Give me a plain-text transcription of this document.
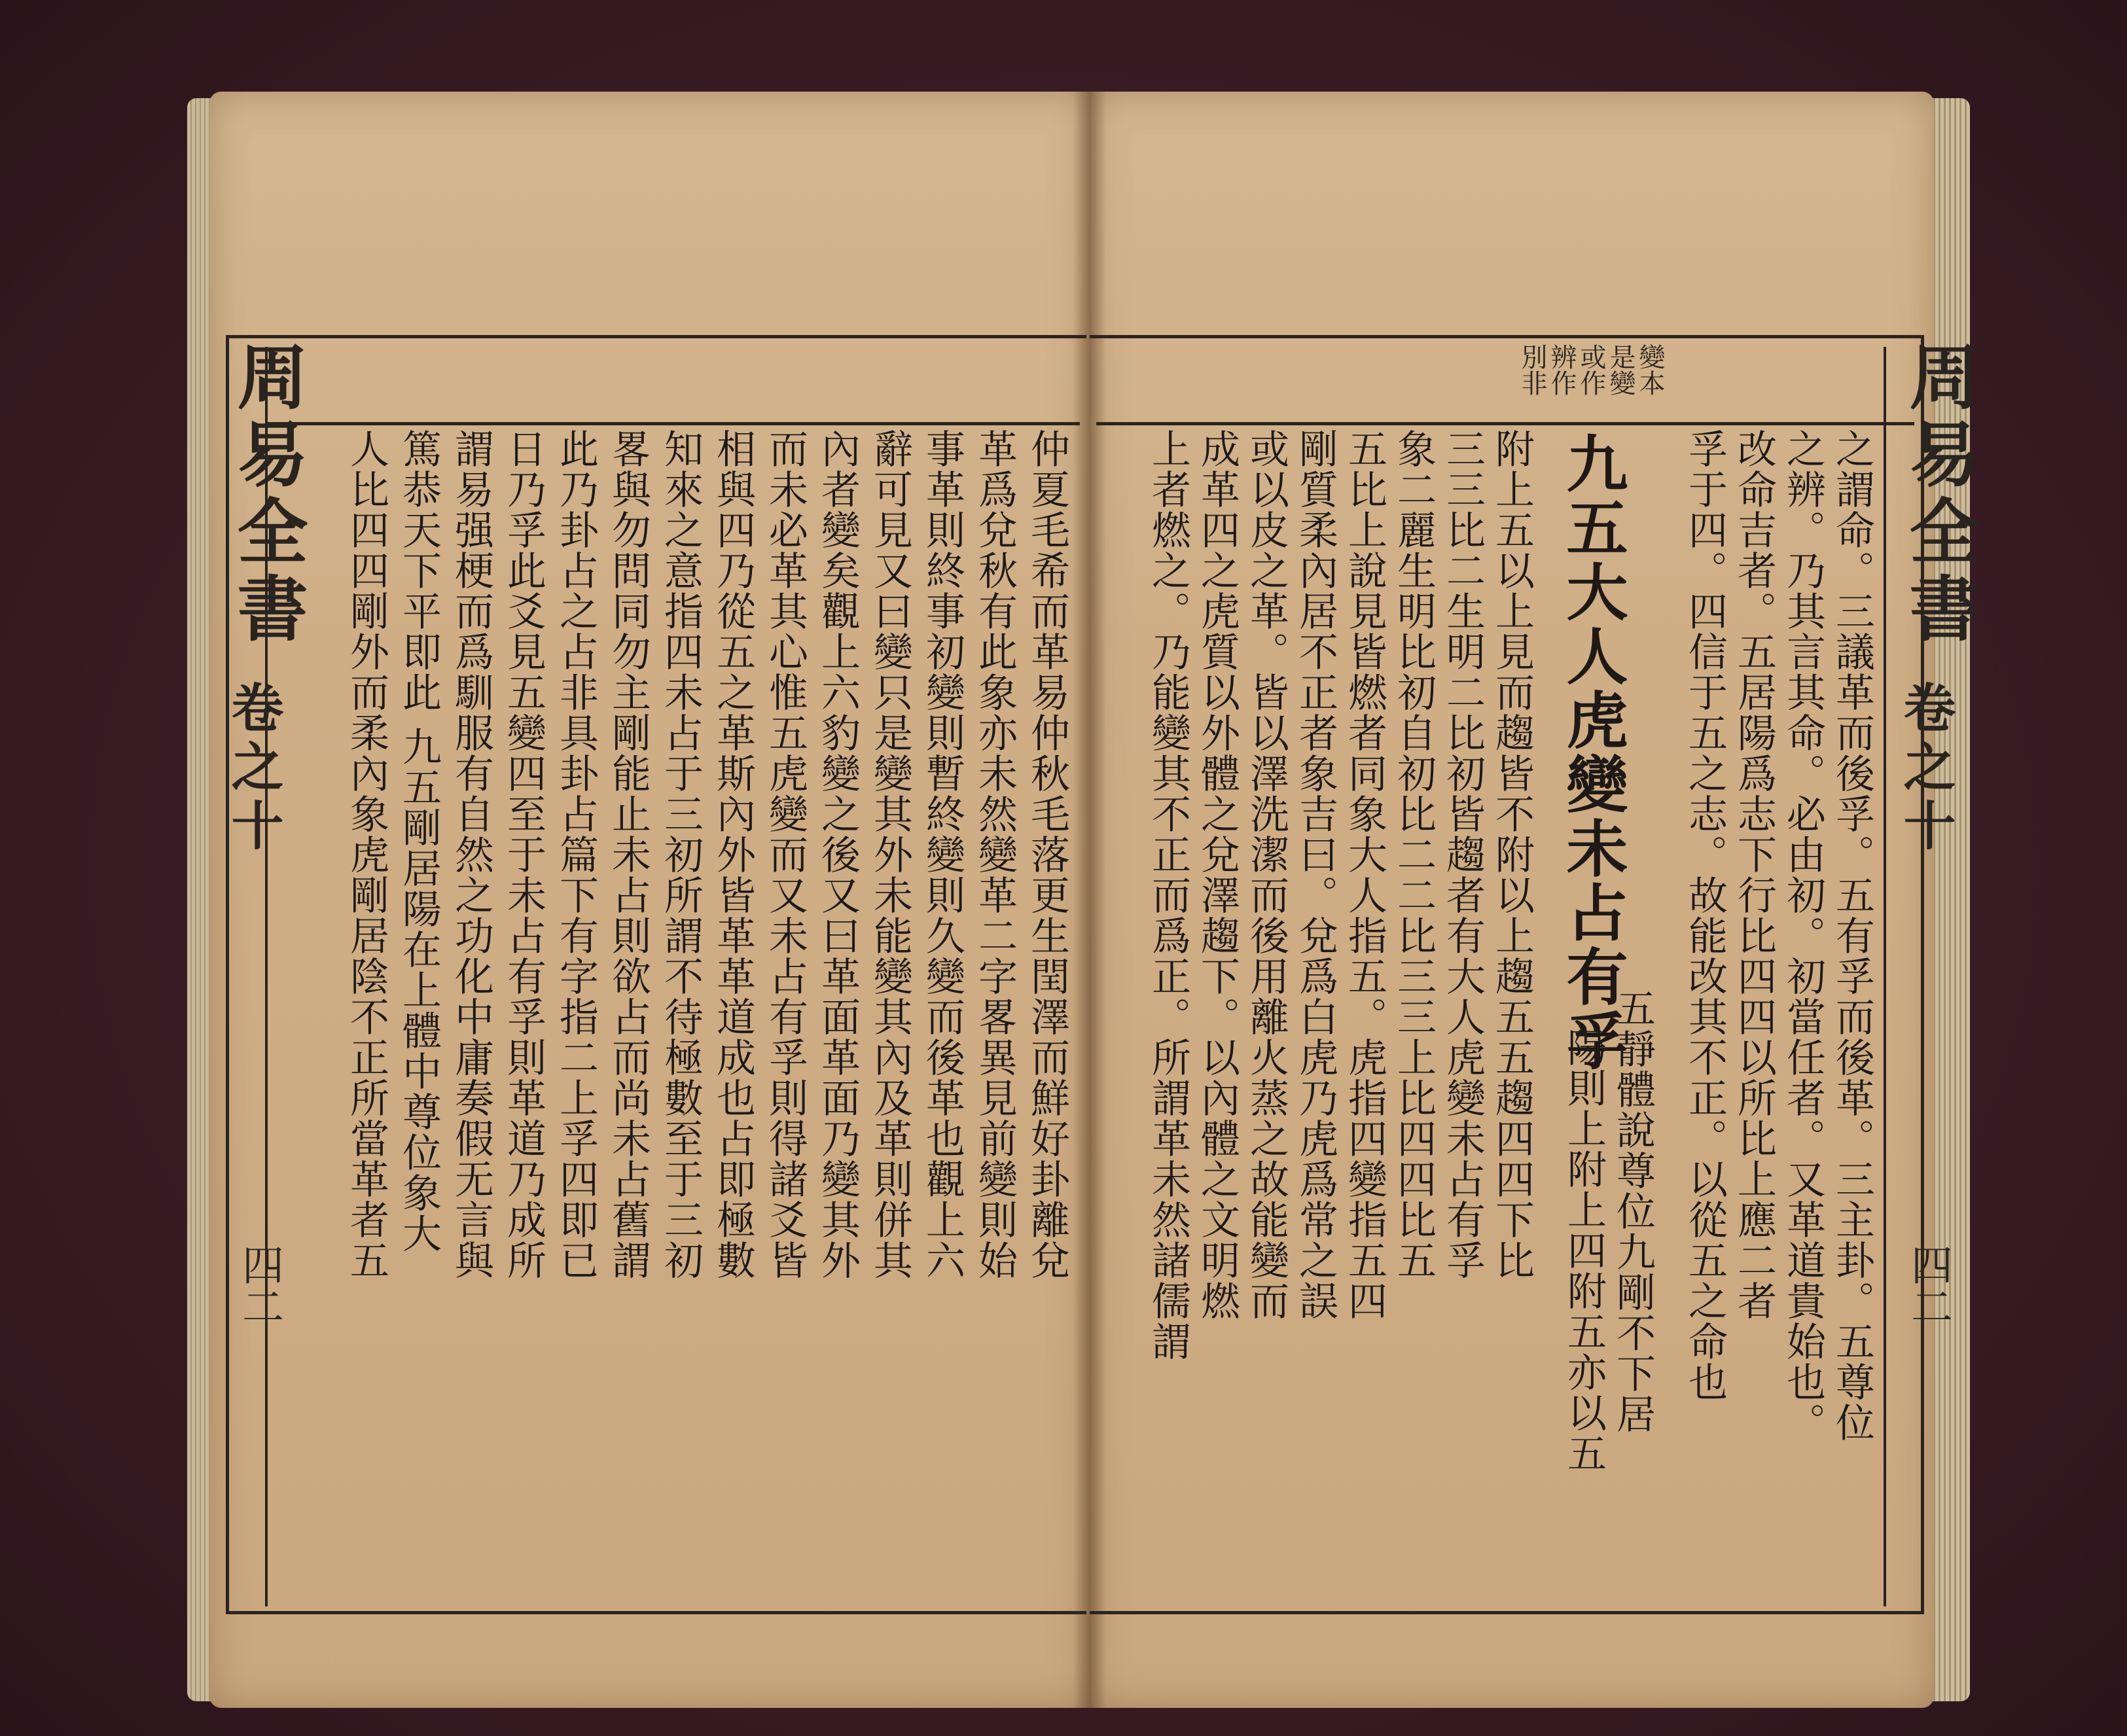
周易全書
卷之十
四二
變本
是變
或作
辨作
別非
之謂命。三議革而後孚。五有孚而後革。三主卦。五尊位
之辨。乃其言其命。必由初。初當任者。又革道貴始也。
改命吉者。五居陽爲志下行比四四以所比上應二者
孚于四。四信于五之志。故能改其不正。以從五之命也
九五大人虎變未占有孚
五靜體說尊位九剛不下居
陽則上附上四附五亦以五
附上五以上見而趨皆不附以上趨五五趨四四下比
三三比二生明二比初皆趨者有大人虎變未占有孚
象二麗生明比初自初比二二比三三上比四四比五
五比上說見皆燃者同象大人指五。虎指四變指五四
剛質柔內居不正者象吉曰。兌爲白虎乃虎爲常之誤
或以皮之革。皆以澤洗潔而後用離火蒸之故能變而
成革四之虎質以外體之兌澤趨下。以內體之文明燃
上者燃之。乃能變其不正而爲正。所謂革未然諸儒謂
周易全書
卷之十
四二
仲夏毛希而革易仲秋毛落更生閏澤而鮮好卦離兌
革爲兌秋有此象亦未然變革二字畧異見前變則始
事革則終事初變則暫終變則久變而後革也觀上六
辭可見又曰變只是變其外未能變其內及革則併其
內者變矣觀上六豹變之後又曰革面革面乃變其外
而未必革其心惟五虎變而又未占有孚則得諸爻皆
相與四乃從五之革斯內外皆革革道成也占即極數
知來之意指四未占于三初所謂不待極數至于三初
畧與勿問同勿主剛能止未占則欲占而尚未占舊謂
此乃卦占之占非具卦占篇下有字指二上孚四即已
日乃孚此爻見五變四至于未占有孚則革道乃成所
謂易强梗而爲馴服有自然之功化中庸奏假无言與
篤恭天下平即此 九五剛居陽在上體中尊位象大
人比四四剛外而柔內象虎剛居陰不正所當革者五
